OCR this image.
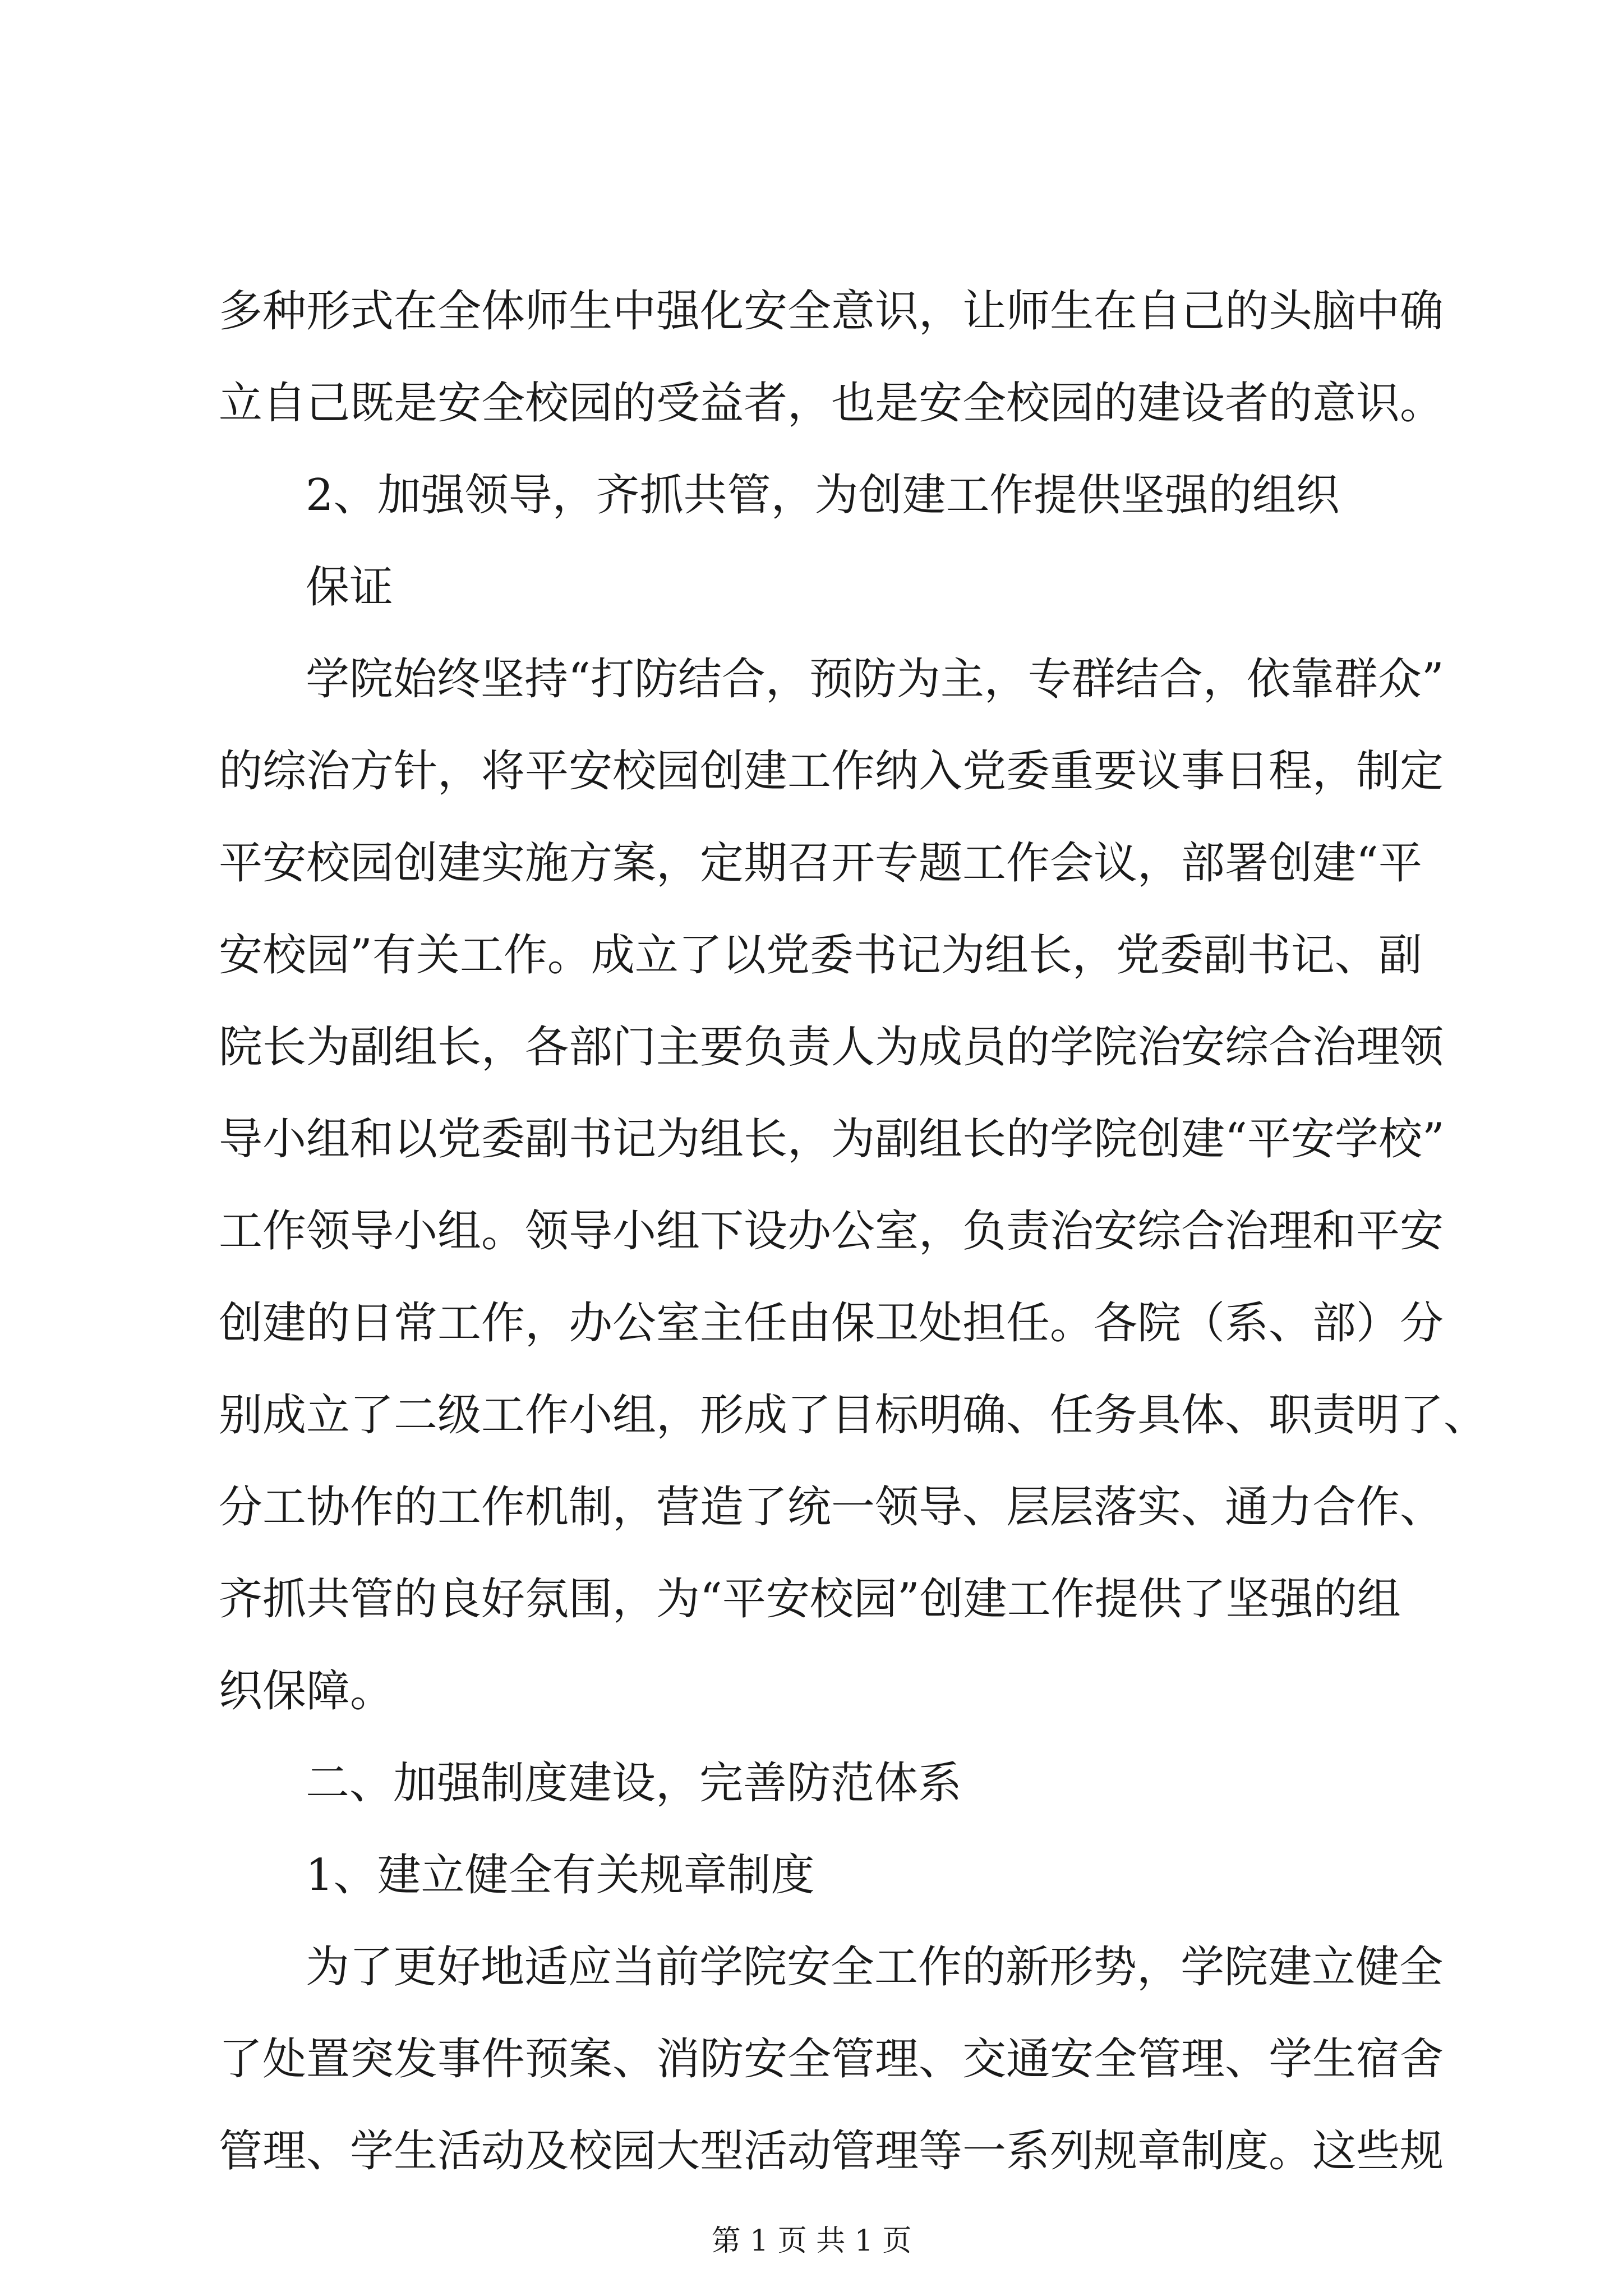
多种形式在全体师生中强化安全意识，让师生在自己的头脑中确
立自己既是安全校园的受益者，也是安全校园的建设者的意识。
2、加强领导，齐抓共管，为创建工作提供坚强的组织
保证
学院始终坚持“打防结合，预防为主，专群结合，依靠群众”
的综治方针，将平安校园创建工作纳入党委重要议事日程，制定
平安校园创建实施方案，定期召开专题工作会议，部署创建“平
安校园”有关工作。成立了以党委书记为组长，党委副书记、副
院长为副组长，各部门主要负责人为成员的学院治安综合治理领
导小组和以党委副书记为组长，为副组长的学院创建“平安学校”
工作领导小组。领导小组下设办公室，负责治安综合治理和平安
创建的日常工作，办公室主任由保卫处担任。各院（系、部）分
别成立了二级工作小组，形成了目标明确、任务具体、职责明了、
分工协作的工作机制，营造了统一领导、层层落实、通力合作、
齐抓共管的良好氛围，为“平安校园”创建工作提供了坚强的组
织保障。
二、加强制度建设，完善防范体系
1、建立健全有关规章制度
为了更好地适应当前学院安全工作的新形势，学院建立健全
了处置突发事件预案、消防安全管理、交通安全管理、学生宿舍
管理、学生活动及校园大型活动管理等一系列规章制度。这些规
第 1 页 共 1 页
